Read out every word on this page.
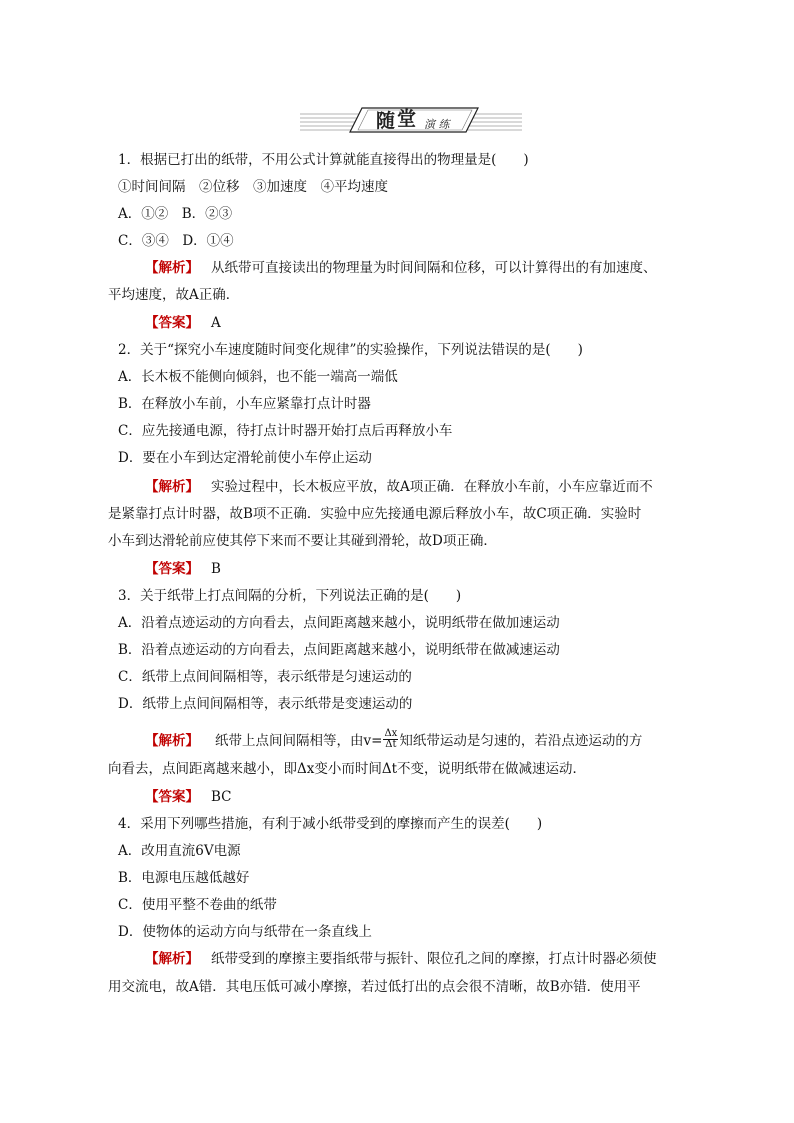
随 堂 演 练
1．根据已打出的纸带，不用公式计算就能直接得出的物理量是(　　)
①时间间隔　②位移　③加速度　④平均速度
A．①②　B．②③
C．③④　D．①④
【解析】 从纸带可直接读出的物理量为时间间隔和位移，可以计算得出的有加速度、
平均速度，故A正确．
【答案】 A
2．关于“探究小车速度随时间变化规律”的实验操作，下列说法错误的是(　　)
A．长木板不能侧向倾斜，也不能一端高一端低
B．在释放小车前，小车应紧靠打点计时器
C．应先接通电源，待打点计时器开始打点后再释放小车
D．要在小车到达定滑轮前使小车停止运动
【解析】 实验过程中，长木板应平放，故A项正确．在释放小车前，小车应靠近而不
是紧靠打点计时器，故B项不正确．实验中应先接通电源后释放小车，故C项正确．实验时
小车到达滑轮前应使其停下来而不要让其碰到滑轮，故D项正确．
【答案】 B
3．关于纸带上打点间隔的分析，下列说法正确的是(　　)
A．沿着点迹运动的方向看去，点间距离越来越小，说明纸带在做加速运动
B．沿着点迹运动的方向看去，点间距离越来越小，说明纸带在做减速运动
C．纸带上点间间隔相等，表示纸带是匀速运动的
D．纸带上点间间隔相等，表示纸带是变速运动的
【解析】 纸带上点间间隔相等，由$v= \frac{\Delta x}{\Delta t}$ 知纸带运动是匀速的，若沿点迹运动的方
向看去，点间距离越来越小，即Δx变小而时间Δt不变，说明纸带在做减速运动．
【答案】 BC
4．采用下列哪些措施，有利于减小纸带受到的摩擦而产生的误差(　　)
A．改用直流6V电源
B．电源电压越低越好
C．使用平整不卷曲的纸带
D．使物体的运动方向与纸带在一条直线上
【解析】 纸带受到的摩擦主要指纸带与振针、限位孔之间的摩擦，打点计时器必须使
用交流电，故A错．其电压低可减小摩擦，若过低打出的点会很不清晰，故B亦错．使用平
